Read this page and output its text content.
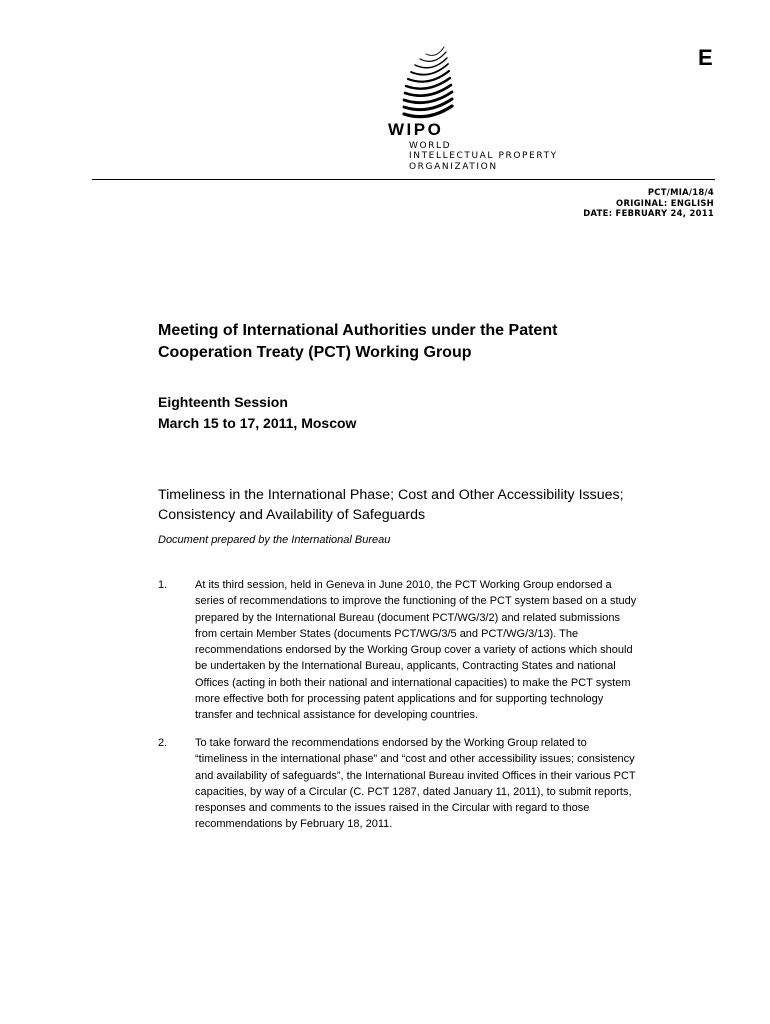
E
WIPO
WORLD
INTELLECTUAL PROPERTY
ORGANIZATION
PCT/MIA/18/4
ORIGINAL: ENGLISH
DATE: FEBRUARY 24, 2011
Meeting of International Authorities under the Patent
Cooperation Treaty (PCT) Working Group
Eighteenth Session
March 15 to 17, 2011, Moscow
Timeliness in the International Phase; Cost and Other Accessibility Issues;
Consistency and Availability of Safeguards
Document prepared by the International Bureau
1.	At its third session, held in Geneva in June 2010, the PCT Working Group endorsed a
series of recommendations to improve the functioning of the PCT system based on a study
prepared by the International Bureau (document PCT/WG/3/2) and related submissions
from certain Member States (documents PCT/WG/3/5 and PCT/WG/3/13). The
recommendations endorsed by the Working Group cover a variety of actions which should
be undertaken by the International Bureau, applicants, Contracting States and national
Offices (acting in both their national and international capacities) to make the PCT system
more effective both for processing patent applications and for supporting technology
transfer and technical assistance for developing countries.
2.	To take forward the recommendations endorsed by the Working Group related to
“timeliness in the international phase” and “cost and other accessibility issues; consistency
and availability of safeguards”, the International Bureau invited Offices in their various PCT
capacities, by way of a Circular (C. PCT 1287, dated January 11, 2011), to submit reports,
responses and comments to the issues raised in the Circular with regard to those
recommendations by February 18, 2011.
